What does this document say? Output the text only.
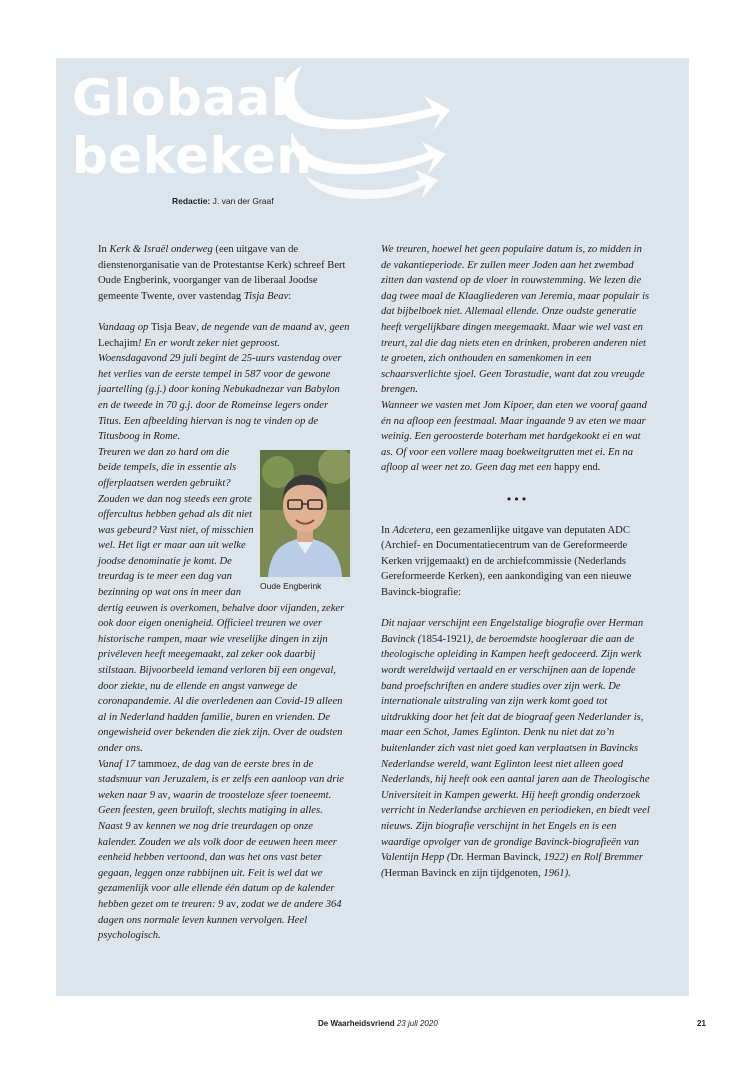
Globaal
bekeken
Redactie: J. van der Graaf

In Kerk & Israël onderweg (een uitgave van de dienstenorganisatie van de Protestantse Kerk) schreef Bert Oude Engberink, voorganger van de liberaal Joodse gemeente Twente, over vastendag Tisja Beav:

Vandaag op Tisja Beav, de negende van de maand av, geen Lechajim! En er wordt zeker niet geproost. Woensdagavond 29 juli begint de 25-uurs vastendag over het verlies van de eerste tempel in 587 voor de gewone jaartelling (g.j.) door koning Nebukadnezar van Babylon en de tweede in 70 g.j. door de Romeinse legers onder Titus. Een afbeelding hiervan is nog te vinden op de Titusboog in Rome.

Oude Engberink
Treuren we dan zo hard om die beide tempels, die in essentie als offerplaatsen werden gebruikt? Zouden we dan nog steeds een grote offercultus hebben gehad als dit niet was gebeurd? Vast niet, of misschien wel. Het ligt er maar aan uit welke joodse denominatie je komt. De treurdag is te meer een dag van bezinning op wat ons in meer dan dertig eeuwen is overkomen, behalve door vijanden, zeker ook door eigen onenigheid. Officieel treuren we over historische rampen, maar wie vreselijke dingen in zijn privéleven heeft meegemaakt, zal zeker ook daarbij stilstaan. Bijvoorbeeld iemand verloren bij een ongeval, door ziekte, nu de ellende en angst vanwege de coronapandemie. Al die overledenen aan Covid-19 alleen al in Nederland hadden familie, buren en vrienden. De ongewisheid over bekenden die ziek zijn. Over de oudsten onder ons.

Vanaf 17 tammoez, de dag van de eerste bres in de stadsmuur van Jeruzalem, is er zelfs een aanloop van drie weken naar 9 av, waarin de troosteloze sfeer toeneemt. Geen feesten, geen bruiloft, slechts matiging in alles. Naast 9 av kennen we nog drie treurdagen op onze kalender. Zouden we als volk door de eeuwen heen meer eenheid hebben vertoond, dan was het ons vast beter gegaan, leggen onze rabbijnen uit. Feit is wel dat we gezamenlijk voor alle ellende één datum op de kalender hebben gezet om te treuren: 9 av, zodat we de andere 364 dagen ons normale leven kunnen vervolgen. Heel psychologisch.

We treuren, hoewel het geen populaire datum is, zo midden in de vakantieperiode. Er zullen meer Joden aan het zwembad zitten dan vastend op de vloer in rouwstemming. We lezen die dag twee maal de Klaagliederen van Jeremia, maar populair is dat bijbelboek niet. Allemaal ellende. Onze oudste generatie heeft vergelijkbare dingen meegemaakt. Maar wie wel vast en treurt, zal die dag niets eten en drinken, proberen anderen niet te groeten, zich onthouden en samenkomen in een schaarsverlichte sjoel. Geen Torastudie, want dat zou vreugde brengen.

Wanneer we vasten met Jom Kipoer, dan eten we vooraf gaand én na afloop een feestmaal. Maar ingaande 9 av eten we maar weinig. Een geroosterde boterham met hardgekookt ei en wat as. Of voor een vollere maag boekweitgrutten met ei. En na afloop al weer net zo. Geen dag met een happy end.

•••

In Adcetera, een gezamenlijke uitgave van deputaten ADC (Archief- en Documentatiecentrum van de Gereformeerde Kerken vrijgemaakt) en de archiefcommissie (Nederlands Gereformeerde Kerken), een aankondiging van een nieuwe Bavinck-biografie:

Dit najaar verschijnt een Engelstalige biografie over Herman Bavinck (1854-1921), de beroemdste hoogleraar die aan de theologische opleiding in Kampen heeft gedoceerd. Zijn werk wordt wereldwijd vertaald en er verschijnen aan de lopende band proefschriften en andere studies over zijn werk. De internationale uitstraling van zijn werk komt goed tot uitdrukking door het feit dat de biograaf geen Nederlander is, maar een Schot, James Eglinton. Denk nu niet dat zo’n buitenlander zich vast niet goed kan verplaatsen in Bavincks Nederlandse wereld, want Eglinton leest niet alleen goed Nederlands, hij heeft ook een aantal jaren aan de Theologische Universiteit in Kampen gewerkt. Hij heeft grondig onderzoek verricht in Nederlandse archieven en periodieken, en biedt veel nieuws. Zijn biografie verschijnt in het Engels en is een waardige opvolger van de grondige Bavinck-biografieën van Valentijn Hepp (Dr. Herman Bavinck, 1922) en Rolf Bremmer (Herman Bavinck en zijn tijdgenoten, 1961).

De Waarheidsvriend 23 juli 2020	21
